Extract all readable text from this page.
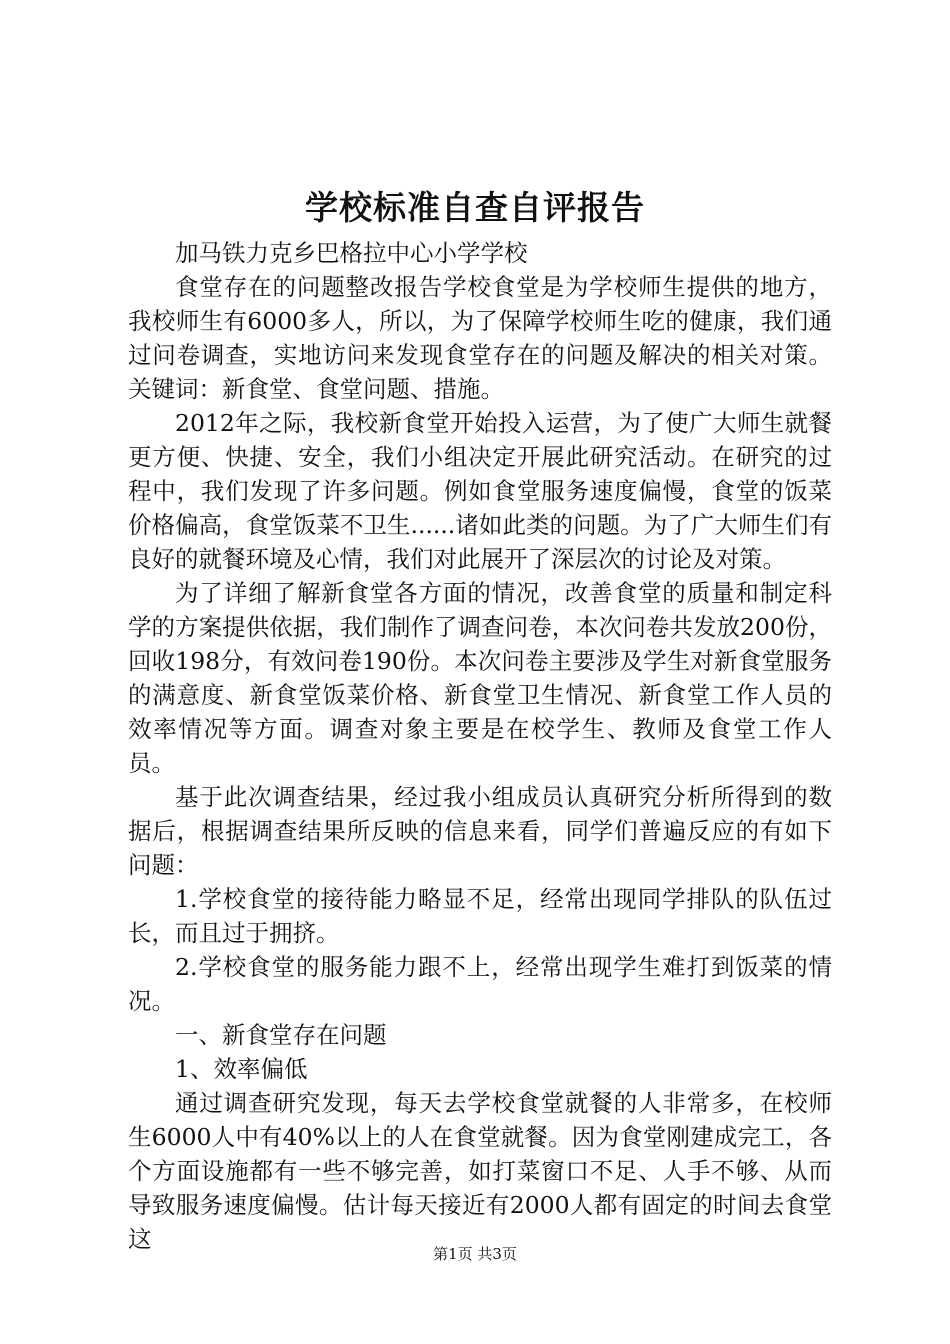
学校标准自查自评报告

加马铁力克乡巴格拉中心小学学校

食堂存在的问题整改报告学校食堂是为学校师生提供的地方，我校师生有6000多人，所以，为了保障学校师生吃的健康，我们通过问卷调查，实地访问来发现食堂存在的问题及解决的相关对策。关键词：新食堂、食堂问题、措施。

2012年之际，我校新食堂开始投入运营，为了使广大师生就餐更方便、快捷、安全，我们小组决定开展此研究活动。在研究的过程中，我们发现了许多问题。例如食堂服务速度偏慢，食堂的饭菜价格偏高，食堂饭菜不卫生......诸如此类的问题。为了广大师生们有良好的就餐环境及心情，我们对此展开了深层次的讨论及对策。

为了详细了解新食堂各方面的情况，改善食堂的质量和制定科学的方案提供依据，我们制作了调查问卷，本次问卷共发放200份，回收198分，有效问卷190份。本次问卷主要涉及学生对新食堂服务的满意度、新食堂饭菜价格、新食堂卫生情况、新食堂工作人员的效率情况等方面。调查对象主要是在校学生、教师及食堂工作人员。

基于此次调查结果，经过我小组成员认真研究分析所得到的数据后，根据调查结果所反映的信息来看，同学们普遍反应的有如下问题：

1.学校食堂的接待能力略显不足，经常出现同学排队的队伍过长，而且过于拥挤。

2.学校食堂的服务能力跟不上，经常出现学生难打到饭菜的情况。

一、新食堂存在问题

1、效率偏低

通过调查研究发现，每天去学校食堂就餐的人非常多，在校师生6000人中有40%以上的人在食堂就餐。因为食堂刚建成完工，各个方面设施都有一些不够完善，如打菜窗口不足、人手不够、从而导致服务速度偏慢。估计每天接近有2000人都有固定的时间去食堂这

第1页 共3页
